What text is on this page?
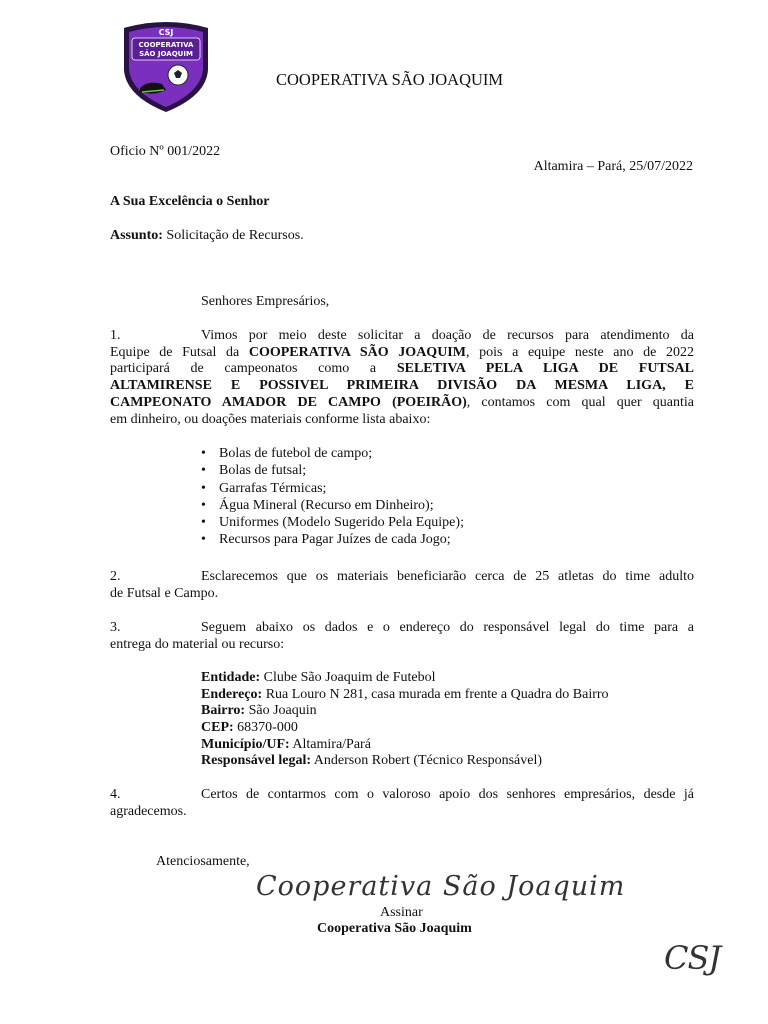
CSJ
COOPERATIVA
SÃO JOAQUIM
COOPERATIVA SÃO JOAQUIM
Oficio Nº 001/2022
Altamira – Pará, 25/07/2022
A Sua Excelência o Senhor
Assunto: Solicitação de Recursos.
Senhores Empresários,
1.	Vimos por meio deste solicitar a doação de recursos para atendimento da
Equipe de Futsal da COOPERATIVA SÃO JOAQUIM, pois a equipe neste ano de 2022
participará de campeonatos como a SELETIVA PELA LIGA DE FUTSAL
ALTAMIRENSE E POSSIVEL PRIMEIRA DIVISÃO DA MESMA LIGA, E
CAMPEONATO AMADOR DE CAMPO (POEIRÃO), contamos com qual quer quantia
em dinheiro, ou doações materiais conforme lista abaixo:
• Bolas de futebol de campo;
• Bolas de futsal;
• Garrafas Térmicas;
• Água Mineral (Recurso em Dinheiro);
• Uniformes (Modelo Sugerido Pela Equipe);
• Recursos para Pagar Juízes de cada Jogo;
2.	Esclarecemos que os materiais beneficiarão cerca de 25 atletas do time adulto
de Futsal e Campo.
3.	Seguem abaixo os dados e o endereço do responsável legal do time para a
entrega do material ou recurso:
Entidade: Clube São Joaquim de Futebol
Endereço: Rua Louro N 281, casa murada em frente a Quadra do Bairro
Bairro: São Joaquin
CEP: 68370-000
Município/UF: Altamira/Pará
Responsável legal: Anderson Robert (Técnico Responsável)
4.	Certos de contarmos com o valoroso apoio dos senhores empresários, desde já
agradecemos.
Atenciosamente,
Cooperativa São Joaquim
Assinar
Cooperativa São Joaquim
CSJ
